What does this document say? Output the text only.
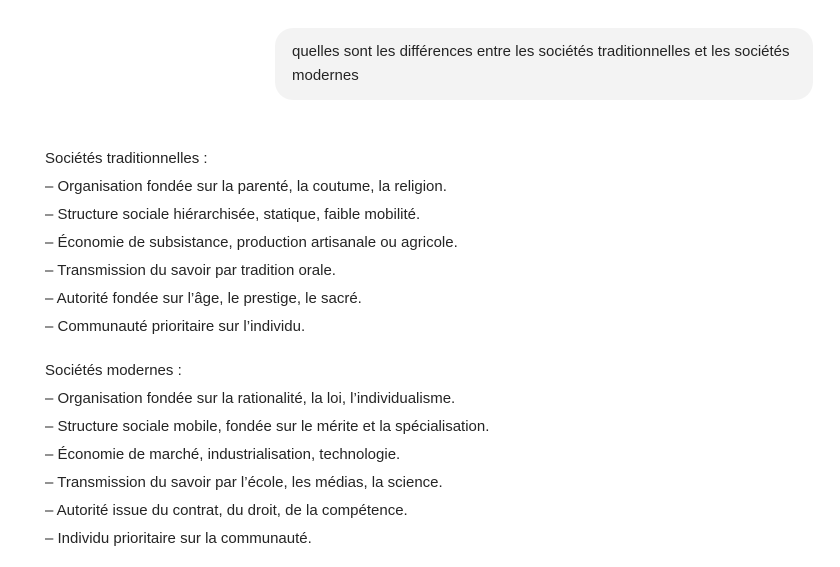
quelles sont les différences entre les sociétés traditionnelles et les sociétés modernes
Sociétés traditionnelles :
– Organisation fondée sur la parenté, la coutume, la religion.
– Structure sociale hiérarchisée, statique, faible mobilité.
– Économie de subsistance, production artisanale ou agricole.
– Transmission du savoir par tradition orale.
– Autorité fondée sur l’âge, le prestige, le sacré.
– Communauté prioritaire sur l’individu.
Sociétés modernes :
– Organisation fondée sur la rationalité, la loi, l’individualisme.
– Structure sociale mobile, fondée sur le mérite et la spécialisation.
– Économie de marché, industrialisation, technologie.
– Transmission du savoir par l’école, les médias, la science.
– Autorité issue du contrat, du droit, de la compétence.
– Individu prioritaire sur la communauté.
